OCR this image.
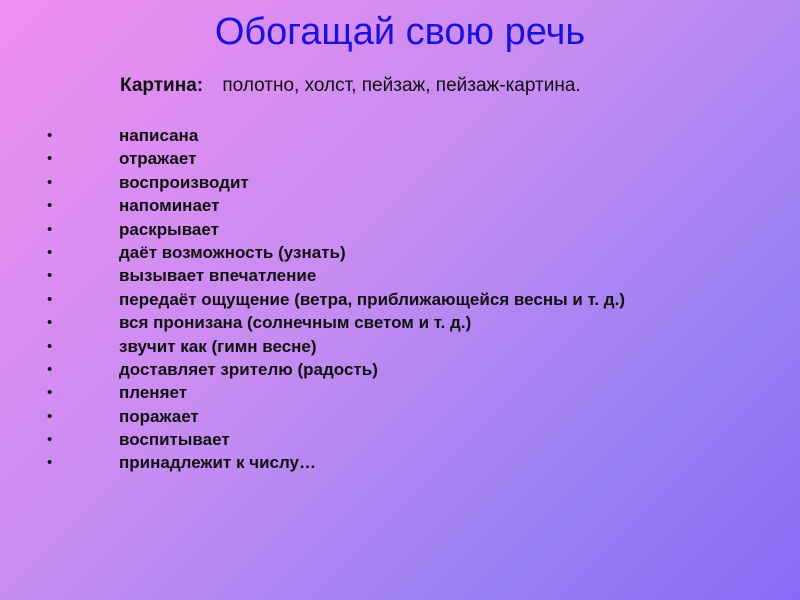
Обогащай свою речь
Картина: полотно, холст, пейзаж, пейзаж-картина.
•	написана
•	отражает
•	воспроизводит
•	напоминает
•	раскрывает
•	даёт возможность (узнать)
•	вызывает впечатление
•	передаёт ощущение (ветра, приближающейся весны и т. д.)
•	вся пронизана (солнечным светом и т. д.)
•	звучит как (гимн весне)
•	доставляет зрителю (радость)
•	пленяет
•	поражает
•	воспитывает
•	принадлежит к числу…
